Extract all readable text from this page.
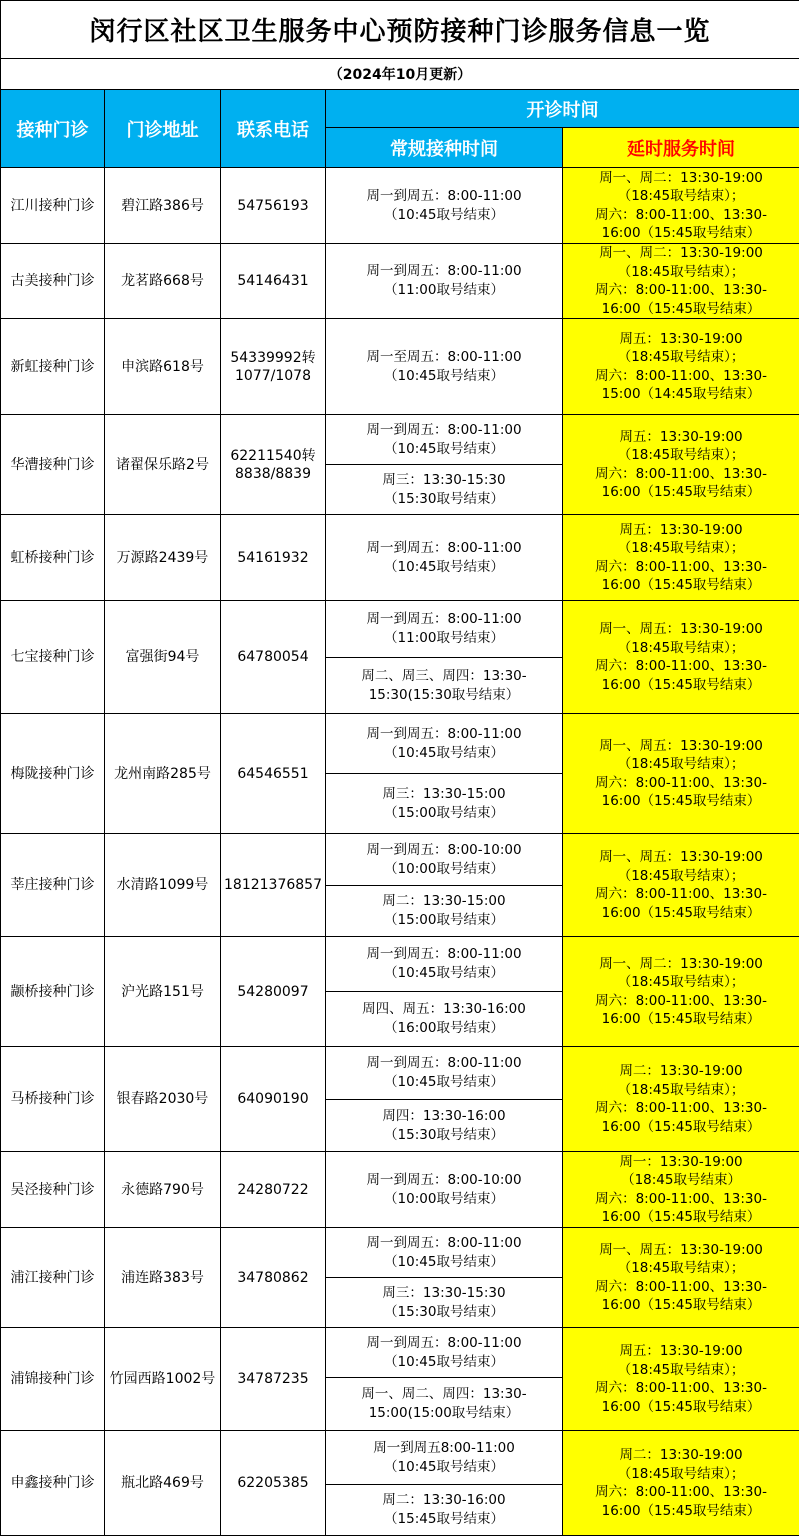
闵行区社区卫生服务中心预防接种门诊服务信息一览				
（2024年10月更新）				
接种门诊	门诊地址	联系电话	开诊时间	
			常规接种时间	延时服务时间
江川接种门诊	碧江路386号	54756193	周一到周五：8:00-11:00
（10:45取号结束）	周一、周二：13:30-19:00
（18:45取号结束）；
周六：8:00-11:00、13:30-
16:00（15:45取号结束）

古美接种门诊	龙茗路668号	54146431	周一到周五：8:00-11:00
（11:00取号结束）	周一、周二：13:30-19:00
（18:45取号结束）；
周六：8:00-11:00、13:30-
16:00（15:45取号结束）

新虹接种门诊	申滨路618号	54339992转
1077/1078	周一至周五：8:00-11:00
（10:45取号结束）	周五：13:30-19:00
（18:45取号结束）；
周六：8:00-11:00、13:30-
15:00（14:45取号结束）

华漕接种门诊	诸翟保乐路2号	62211540转
8838/8839	周一到周五：8:00-11:00
（10:45取号结束）	周五：13:30-19:00
（18:45取号结束）；
周六：8:00-11:00、13:30-
16:00（15:45取号结束）

			周三：13:30-15:30
（15:30取号结束）	

虹桥接种门诊	万源路2439号	54161932	周一到周五：8:00-11:00
（10:45取号结束）	周五：13:30-19:00
（18:45取号结束）；
周六：8:00-11:00、13:30-
16:00（15:45取号结束）

七宝接种门诊	富强街94号	64780054	周一到周五：8:00-11:00
（11:00取号结束）	周一、周五：13:30-19:00
（18:45取号结束）；
周六：8:00-11:00、13:30-
16:00（15:45取号结束）

			周二、周三、周四：13:30-
15:30(15:30取号结束）	

梅陇接种门诊	龙州南路285号	64546551	周一到周五：8:00-11:00
（10:45取号结束）	周一、周五：13:30-19:00
（18:45取号结束）；
周六：8:00-11:00、13:30-
16:00（15:45取号结束）

			周三：13:30-15:00
（15:00取号结束）	

莘庄接种门诊	水清路1099号	18121376857	周一到周五：8:00-10:00
（10:00取号结束）	周一、周五：13:30-19:00
（18:45取号结束）；
周六：8:00-11:00、13:30-
16:00（15:45取号结束）

			周二：13:30-15:00
（15:00取号结束）	

颛桥接种门诊	沪光路151号	54280097	周一到周五：8:00-11:00
（10:45取号结束）	周一、周二：13:30-19:00
（18:45取号结束）；
周六：8:00-11:00、13:30-
16:00（15:45取号结束）

			周四、周五：13:30-16:00
（16:00取号结束）	

马桥接种门诊	银春路2030号	64090190	周一到周五：8:00-11:00
（10:45取号结束）	周二：13:30-19:00
（18:45取号结束）；
周六：8:00-11:00、13:30-
16:00（15:45取号结束）

			周四：13:30-16:00
（15:30取号结束）	

吴泾接种门诊	永德路790号	24280722	周一到周五：8:00-10:00
（10:00取号结束）	周一：13:30-19:00
（18:45取号结束）
周六：8:00-11:00、13:30-
16:00（15:45取号结束）

浦江接种门诊	浦连路383号	34780862	周一到周五：8:00-11:00
（10:45取号结束）	周一、周五：13:30-19:00
（18:45取号结束）；
周六：8:00-11:00、13:30-
16:00（15:45取号结束）

			周三：13:30-15:30
（15:30取号结束）	

浦锦接种门诊	竹园西路1002号	34787235	周一到周五：8:00-11:00
（10:45取号结束）	周五：13:30-19:00
（18:45取号结束）；
周六：8:00-11:00、13:30-
16:00（15:45取号结束）

			周一、周二、周四：13:30-
15:00(15:00取号结束）	

申鑫接种门诊	瓶北路469号	62205385	周一到周五8:00-11:00
（10:45取号结束）	周二：13:30-19:00
（18:45取号结束）；
周六：8:00-11:00、13:30-
16:00（15:45取号结束）

			周二：13:30-16:00
（15:45取号结束）	
